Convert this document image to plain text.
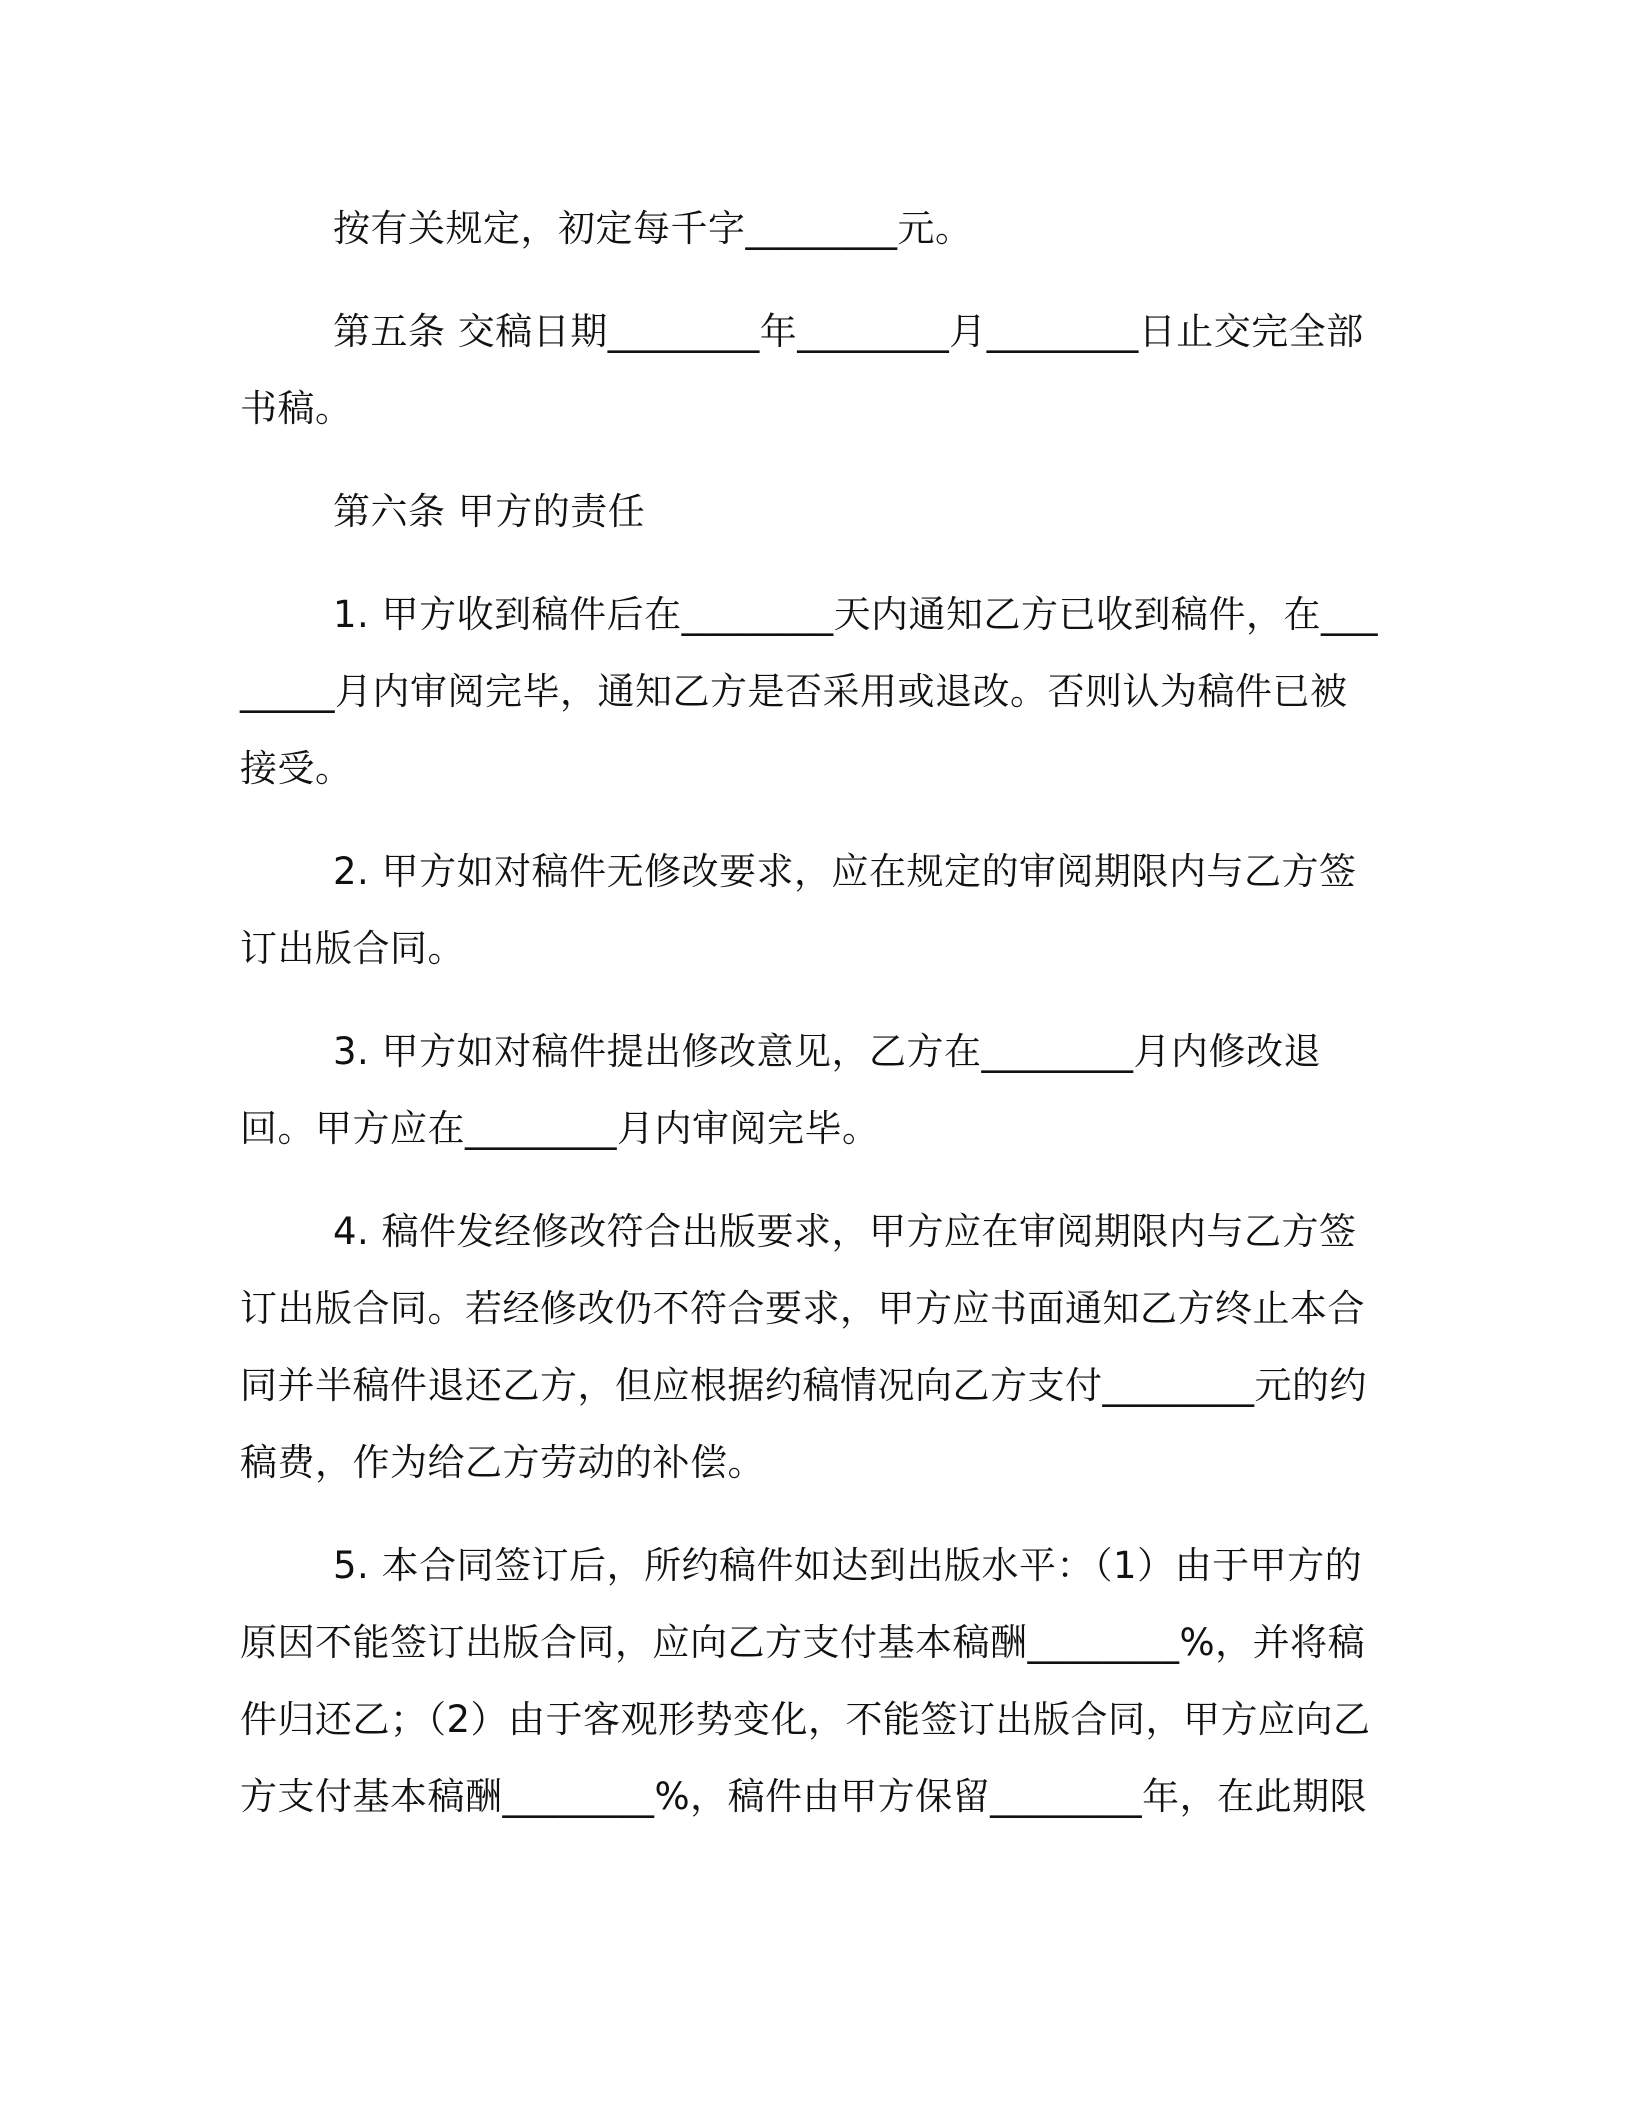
按有关规定，初定每千字________元。

第五条 交稿日期________年________月________日止交完全部书稿。

第六条 甲方的责任

1. 甲方收到稿件后在________天内通知乙方已收到稿件，在________月内审阅完毕，通知乙方是否采用或退改。否则认为稿件已被接受。

2. 甲方如对稿件无修改要求，应在规定的审阅期限内与乙方签订出版合同。

3. 甲方如对稿件提出修改意见，乙方在________月内修改退回。甲方应在________月内审阅完毕。

4. 稿件发经修改符合出版要求，甲方应在审阅期限内与乙方签订出版合同。若经修改仍不符合要求，甲方应书面通知乙方终止本合同并半稿件退还乙方，但应根据约稿情况向乙方支付________元的约稿费，作为给乙方劳动的补偿。

5. 本合同签订后，所约稿件如达到出版水平：（1）由于甲方的原因不能签订出版合同，应向乙方支付基本稿酬________%，并将稿件归还乙；（2）由于客观形势变化，不能签订出版合同，甲方应向乙方支付基本稿酬________%，稿件由甲方保留________年，在此期限
